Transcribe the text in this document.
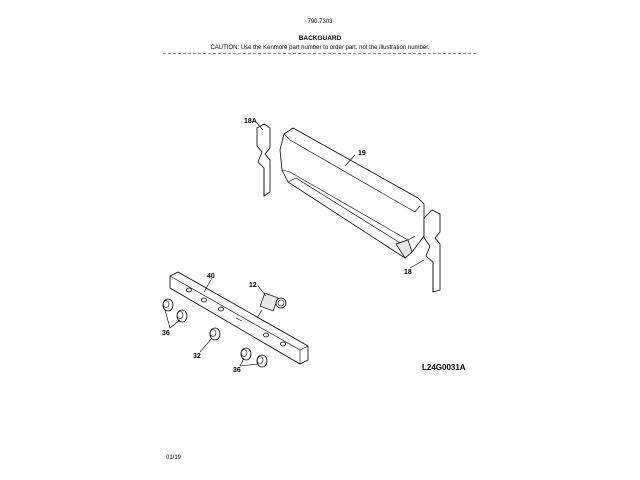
790.7303
BACKGUARD
CAUTION: Use the Kenmore part number to order part, not the illustration number.
18A
19
18
40
12
36
32
36	L24G0031A
01/19
